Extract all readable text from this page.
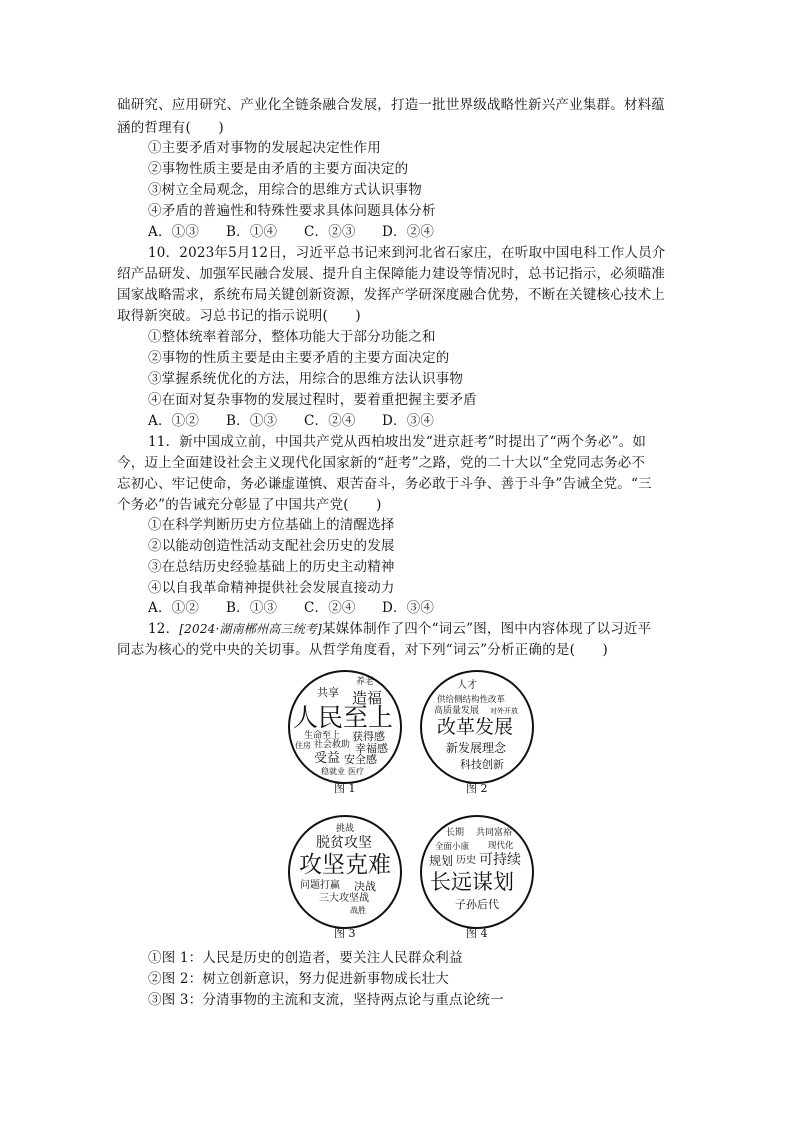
础研究、应用研究、产业化全链条融合发展，打造一批世界级战略性新兴产业集群。材料蕴
涵的哲理有(　　)
①主要矛盾对事物的发展起决定性作用
②事物性质主要是由矛盾的主要方面决定的
③树立全局观念，用综合的思维方式认识事物
④矛盾的普遍性和特殊性要求具体问题具体分析
A．①③ B．①④ C．②③ D．②④
10．2023年5月12日，习近平总书记来到河北省石家庄，在听取中国电科工作人员介
绍产品研发、加强军民融合发展、提升自主保障能力建设等情况时，总书记指示，必须瞄准
国家战略需求，系统布局关键创新资源，发挥产学研深度融合优势，不断在关键核心技术上
取得新突破。习总书记的指示说明(　　)
①整体统率着部分，整体功能大于部分功能之和
②事物的性质主要是由主要矛盾的主要方面决定的
③掌握系统优化的方法，用综合的思维方法认识事物
④在面对复杂事物的发展过程时，要着重把握主要矛盾
A．①② B．①③ C．②④ D．③④
11．新中国成立前，中国共产党从西柏坡出发“进京赶考”时提出了“两个务必”。如
今，迈上全面建设社会主义现代化国家新的“赶考”之路，党的二十大以“全党同志务必不
忘初心、牢记使命，务必谦虚谨慎、艰苦奋斗，务必敢于斗争、善于斗争”告诫全党。“三
个务必”的告诫充分彰显了中国共产党(　　)
①在科学判断历史方位基础上的清醒选择
②以能动创造性活动支配社会历史的发展
③在总结历史经验基础上的历史主动精神
④以自我革命精神提供社会发展直接动力
A．①② B．①③ C．②④ D．③④
12．[2024·湖南郴州高三统考]某媒体制作了四个“词云”图，图中内容体现了以习近平
同志为核心的党中央的关切事。从哲学角度看，对下列“词云”分析正确的是(　　)
共享
养老
造福
人民至上
生命至上 获得感
住房 社会救助 幸福感
受益 安全感
稳就业 医疗
图 1
人才
供给侧结构性改革
高质量发展 对外开放
改革发展
新发展理念
科技创新
图 2
挑战
脱贫攻坚
攻坚克难
问题打赢 决战
三大攻坚战
战胜
图 3
长期 共同富裕
全面小康 现代化
规划 历史 可持续
长远谋划
子孙后代
图 4
①图 1：人民是历史的创造者，要关注人民群众利益
②图 2：树立创新意识，努力促进新事物成长壮大
③图 3：分清事物的主流和支流，坚持两点论与重点论统一
